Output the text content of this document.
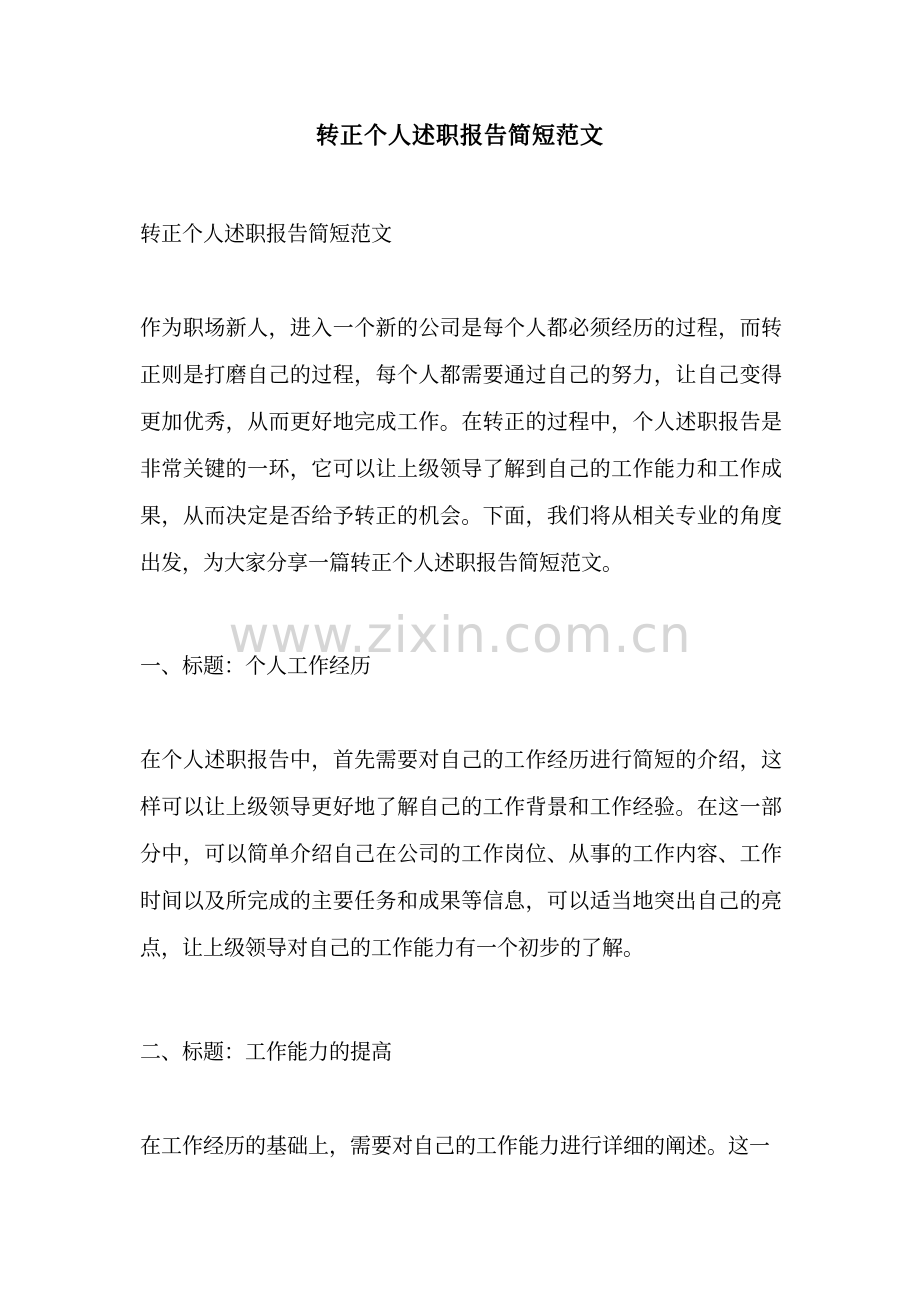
转正个人述职报告简短范文
转正个人述职报告简短范文
作为职场新人，进入一个新的公司是每个人都必须经历的过程，而转正则是打磨自己的过程，每个人都需要通过自己的努力，让自己变得更加优秀，从而更好地完成工作。在转正的过程中，个人述职报告是非常关键的一环，它可以让上级领导了解到自己的工作能力和工作成果，从而决定是否给予转正的机会。下面，我们将从相关专业的角度出发，为大家分享一篇转正个人述职报告简短范文。
一、标题：个人工作经历
在个人述职报告中，首先需要对自己的工作经历进行简短的介绍，这样可以让上级领导更好地了解自己的工作背景和工作经验。在这一部分中，可以简单介绍自己在公司的工作岗位、从事的工作内容、工作时间以及所完成的主要任务和成果等信息，可以适当地突出自己的亮点，让上级领导对自己的工作能力有一个初步的了解。
二、标题：工作能力的提高
在工作经历的基础上，需要对自己的工作能力进行详细的阐述。这一
www.zixin.com.cn
